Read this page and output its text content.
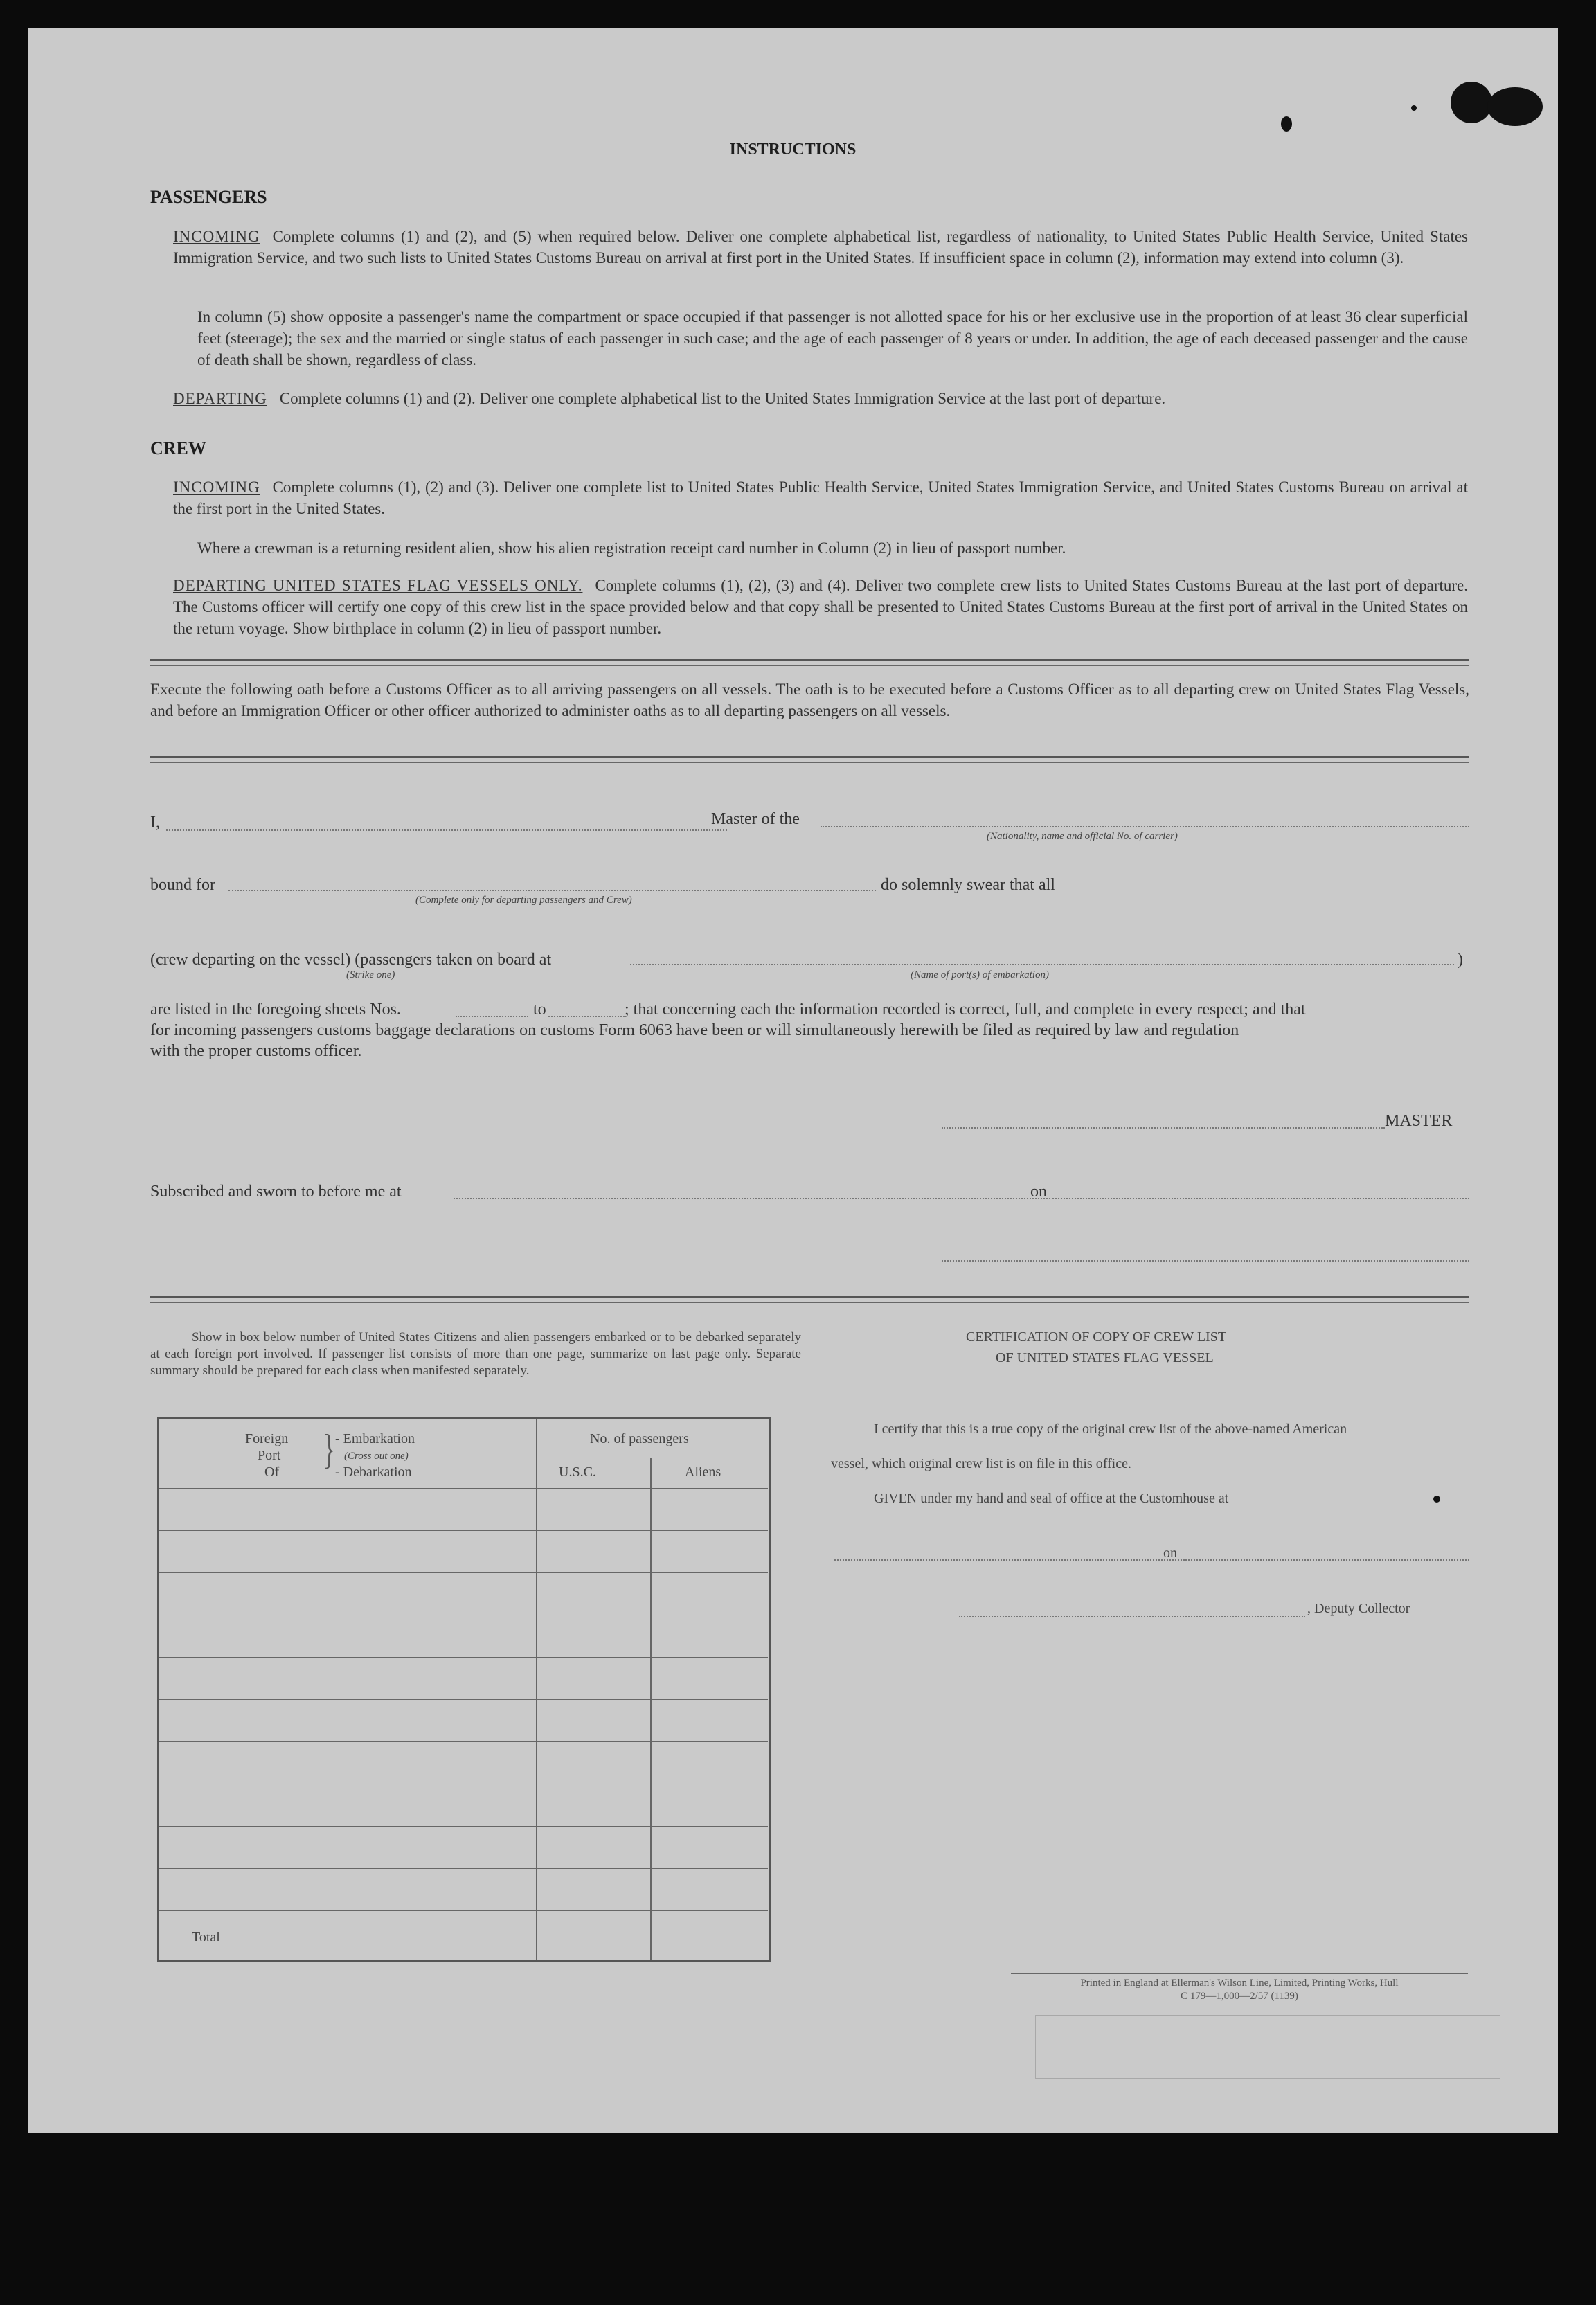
INSTRUCTIONS
PASSENGERS
INCOMING Complete columns (1) and (2), and (5) when required below. Deliver one complete alphabetical list, regardless of nationality, to United States Public Health Service, United States Immigration Service, and two such lists to United States Customs Bureau on arrival at first port in the United States. If insufficient space in column (2), information may extend into column (3).
In column (5) show opposite a passenger's name the compartment or space occupied if that passenger is not allotted space for his or her exclusive use in the proportion of at least 36 clear superficial feet (steerage); the sex and the married or single status of each passenger in such case; and the age of each passenger of 8 years or under. In addition, the age of each deceased passenger and the cause of death shall be shown, regardless of class.
DEPARTING Complete columns (1) and (2). Deliver one complete alphabetical list to the United States Immigration Service at the last port of departure.
CREW
INCOMING Complete columns (1), (2) and (3). Deliver one complete list to United States Public Health Service, United States Immigration Service, and United States Customs Bureau on arrival at the first port in the United States.
Where a crewman is a returning resident alien, show his alien registration receipt card number in Column (2) in lieu of passport number.
DEPARTING UNITED STATES FLAG VESSELS ONLY. Complete columns (1), (2), (3) and (4). Deliver two complete crew lists to United States Customs Bureau at the last port of departure. The Customs officer will certify one copy of this crew list in the space provided below and that copy shall be presented to United States Customs Bureau at the first port of arrival in the United States on the return voyage. Show birthplace in column (2) in lieu of passport number.
Execute the following oath before a Customs Officer as to all arriving passengers on all vessels. The oath is to be executed before a Customs Officer as to all departing crew on United States Flag Vessels, and before an Immigration Officer or other officer authorized to administer oaths as to all departing passengers on all vessels.
I,	Master of the
(Nationality, name and official No. of carrier)
bound for
(Complete only for departing passengers and Crew)
do solemnly swear that all
(crew departing on the vessel) (passengers taken on board at
(Strike one)	(Name of port(s) of embarkation)
)
are listed in the foregoing sheets Nos.	to	; that concerning each the information recorded is correct, full, and complete in every respect; and that
for incoming passengers customs baggage declarations on customs Form 6063 have been or will simultaneously herewith be filed as required by law and regulation
with the proper customs officer.
MASTER
Subscribed and sworn to before me at	on
Show in box below number of United States Citizens and alien passengers embarked or to be debarked separately at each foreign port involved. If passenger list consists of more than one page, summarize on last page only. Separate summary should be prepared for each class when manifested separately.
Foreign
Port
Of } - Embarkation
(Cross out one)
- Debarkation
No. of passengers
U.S.C.	Aliens
Total
CERTIFICATION OF COPY OF CREW LIST
OF UNITED STATES FLAG VESSEL
I certify that this is a true copy of the original crew list of the above-named American
vessel, which original crew list is on file in this office.
GIVEN under my hand and seal of office at the Customhouse at
on
, Deputy Collector
Printed in England at Ellerman's Wilson Line, Limited, Printing Works, Hull
C 179—1,000—2/57 (1139)
